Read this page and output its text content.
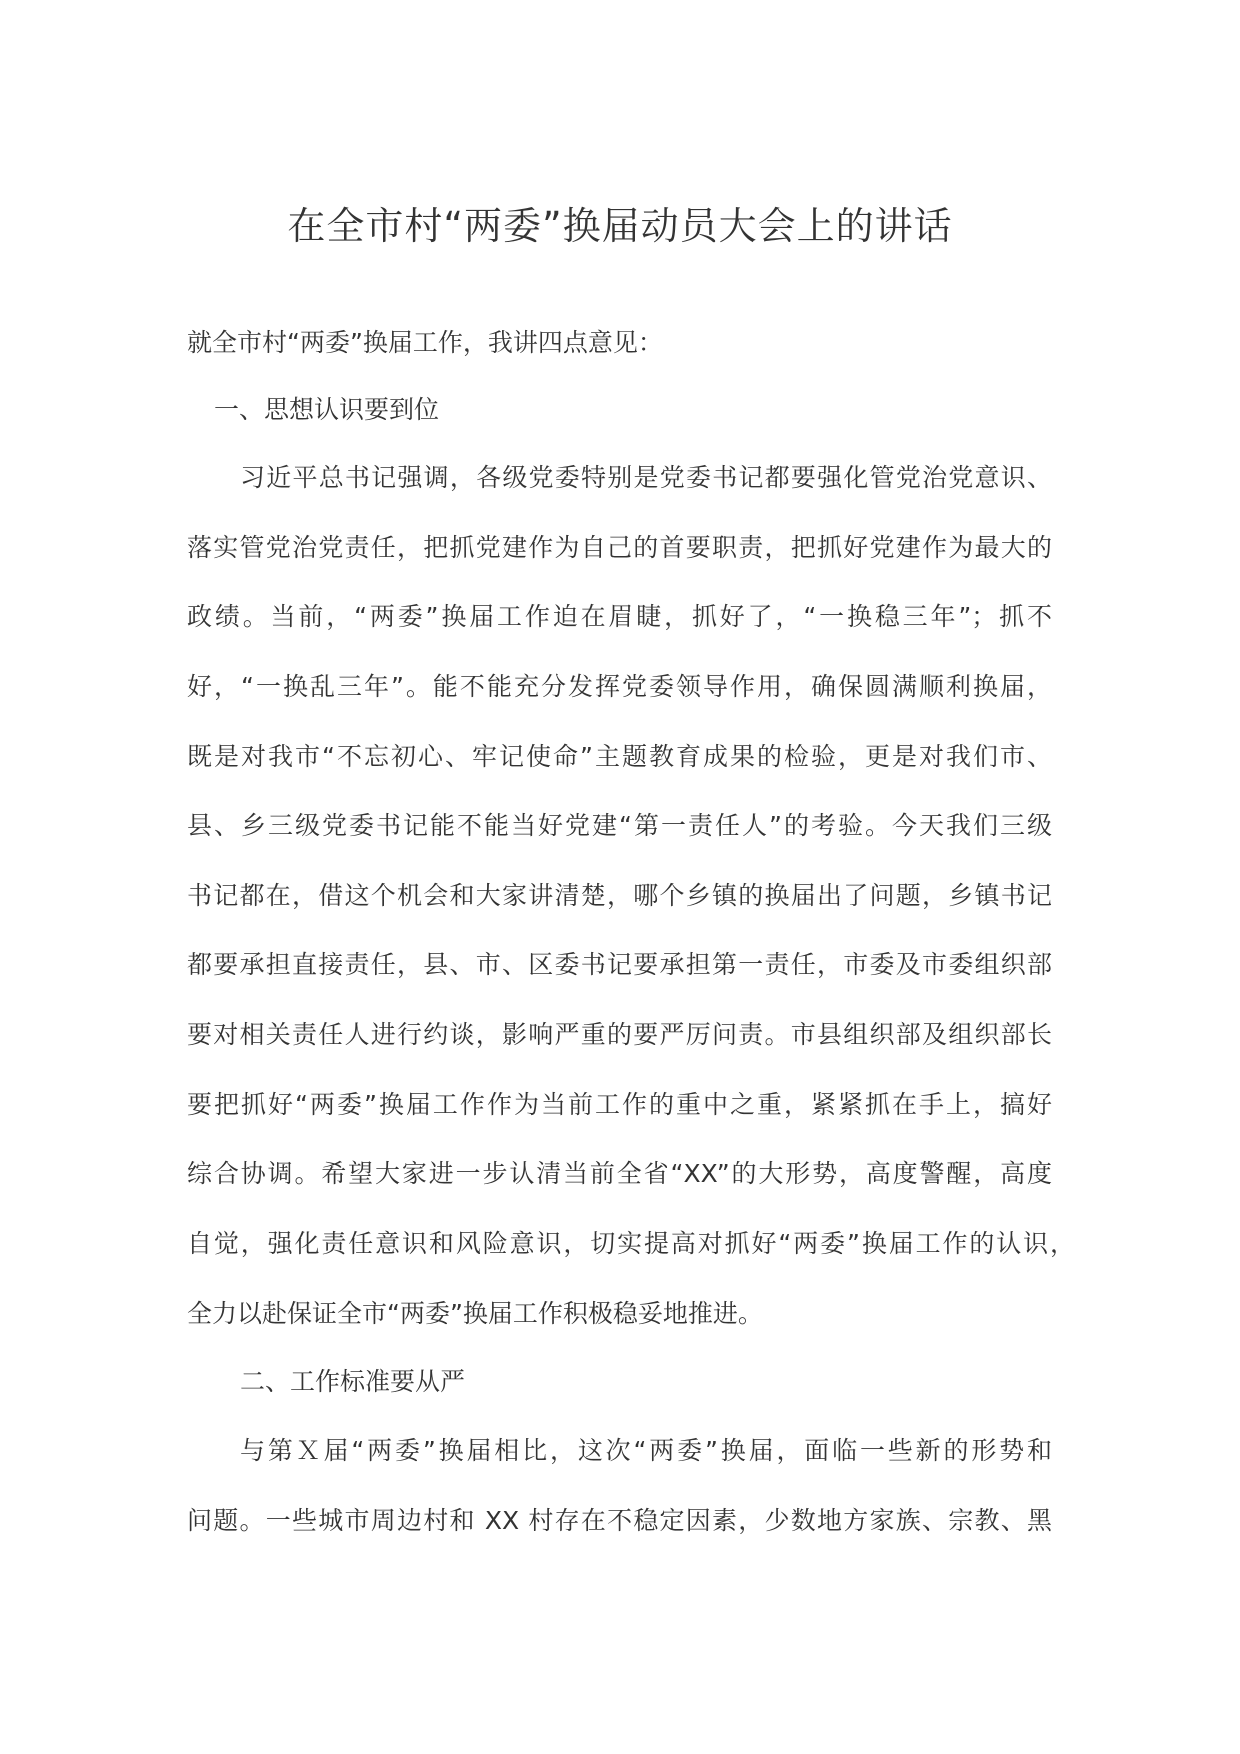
在全市村“两委”换届动员大会上的讲话
就全市村“两委”换届工作，我讲四点意见：
一、思想认识要到位
习近平总书记强调，各级党委特别是党委书记都要强化管党治党意识、
落实管党治党责任，把抓党建作为自己的首要职责，把抓好党建作为最大的
政绩。当前，“两委”换届工作迫在眉睫，抓好了，“一换稳三年”；抓不
好，“一换乱三年”。能不能充分发挥党委领导作用，确保圆满顺利换届，
既是对我市“不忘初心、牢记使命”主题教育成果的检验，更是对我们市、
县、乡三级党委书记能不能当好党建“第一责任人”的考验。今天我们三级
书记都在，借这个机会和大家讲清楚，哪个乡镇的换届出了问题，乡镇书记
都要承担直接责任，县、市、区委书记要承担第一责任，市委及市委组织部
要对相关责任人进行约谈，影响严重的要严厉问责。市县组织部及组织部长
要把抓好“两委”换届工作作为当前工作的重中之重，紧紧抓在手上，搞好
综合协调。希望大家进一步认清当前全省“XX”的大形势，高度警醒，高度
自觉，强化责任意识和风险意识，切实提高对抓好“两委”换届工作的认识，
全力以赴保证全市“两委”换届工作积极稳妥地推进。
二、工作标准要从严
与第Ｘ届“两委”换届相比，这次“两委”换届，面临一些新的形势和
问题。一些城市周边村和 XX 村存在不稳定因素，少数地方家族、宗教、黑
